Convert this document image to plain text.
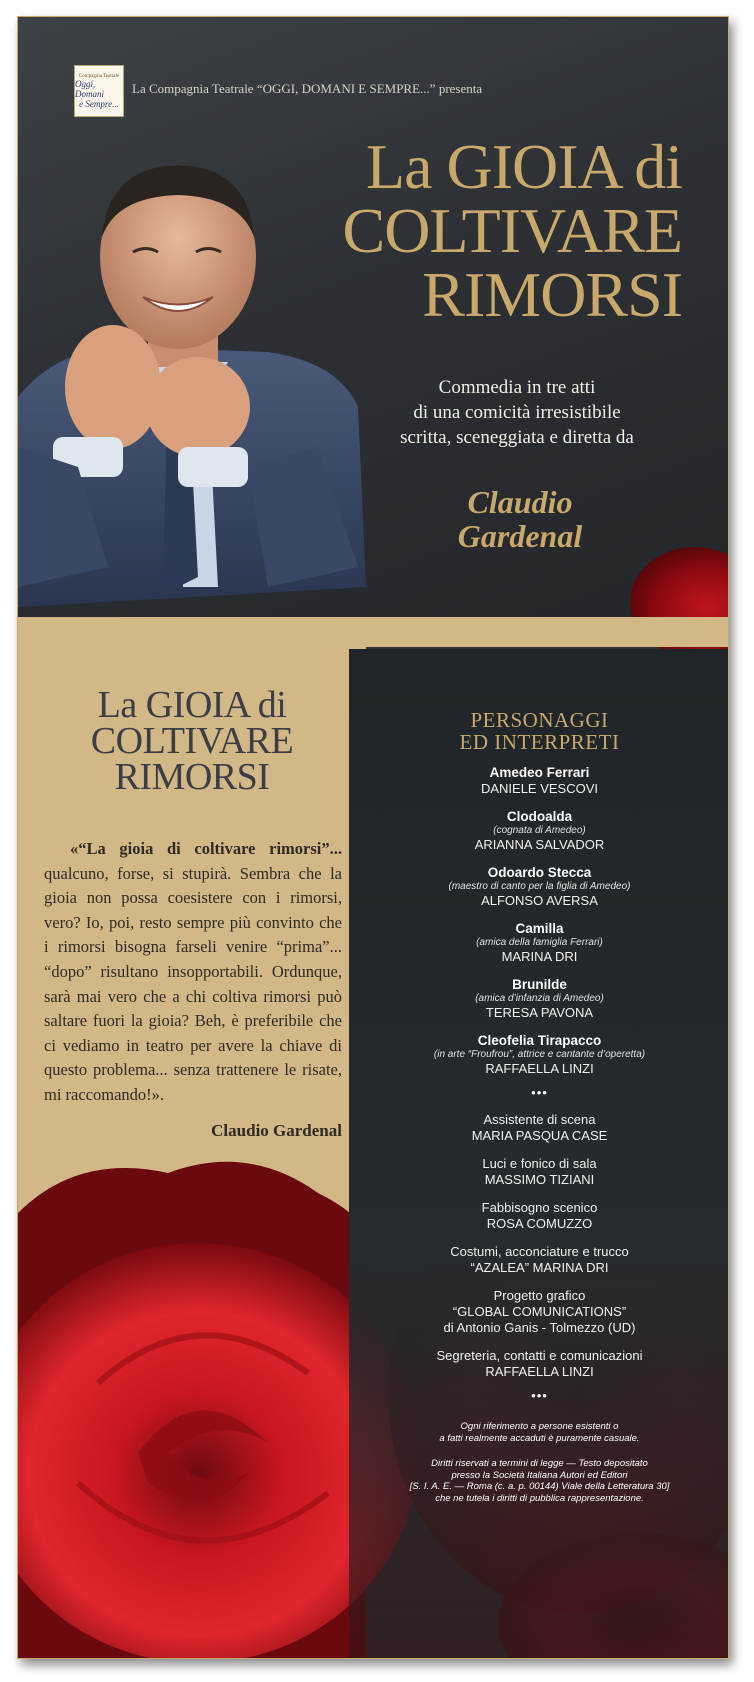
Compagnia Teatrale
Oggi, Domani
e Sempre...
La Compagnia Teatrale “OGGI, DOMANI E SEMPRE...” presenta
La GIOIA di
COLTIVARE
RIMORSI
Commedia in tre atti
di una comicità irresistibile
scritta, sceneggiata e diretta da
Claudio
Gardenal
La GIOIA di
COLTIVARE
RIMORSI

«“La gioia di coltivare rimorsi”... qualcuno, forse, si stupirà. Sembra che la gioia non possa coesistere con i rimorsi, vero? Io, poi, resto sempre più convinto che i rimorsi bisogna farseli venire “prima”... “dopo” risultano insopportabili. Ordunque, sarà mai vero che a chi coltiva rimorsi può saltare fuori la gioia? Beh, è preferibile che ci vediamo in teatro per avere la chiave di questo problema... senza trattenere le risate, mi raccomando!».

Claudio Gardenal
PERSONAGGI
ED INTERPRETI
Amedeo Ferrari
DANIELE VESCOVI
Clodoalda
(cognata di Amedeo)
ARIANNA SALVADOR
Odoardo Stecca
(maestro di canto per la figlia di Amedeo)
ALFONSO AVERSA
Camilla
(amica della famiglia Ferrari)
MARINA DRI
Brunilde
(amica d’infanzia di Amedeo)
TERESA PAVONA
Cleofelia Tirapacco
(in arte “Froufrou”, attrice e cantante d’operetta)
RAFFAELLA LINZI
•••
Assistente di scena
MARIA PASQUA CASE
Luci e fonico di sala
MASSIMO TIZIANI
Fabbisogno scenico
ROSA COMUZZO
Costumi, acconciature e trucco
“AZALEA” MARINA DRI
Progetto grafico
“GLOBAL COMUNICATIONS”
di Antonio Ganis - Tolmezzo (UD)
Segreteria, contatti e comunicazioni
RAFFAELLA LINZI
•••
Ogni riferimento a persone esistenti o
a fatti realmente accaduti è puramente casuale.
Diritti riservati a termini di legge — Testo depositato
presso la Società Italiana Autori ed Editori
[S. I. A. E. — Roma (c. a. p. 00144) Viale della Letteratura 30]
che ne tutela i diritti di pubblica rappresentazione.
